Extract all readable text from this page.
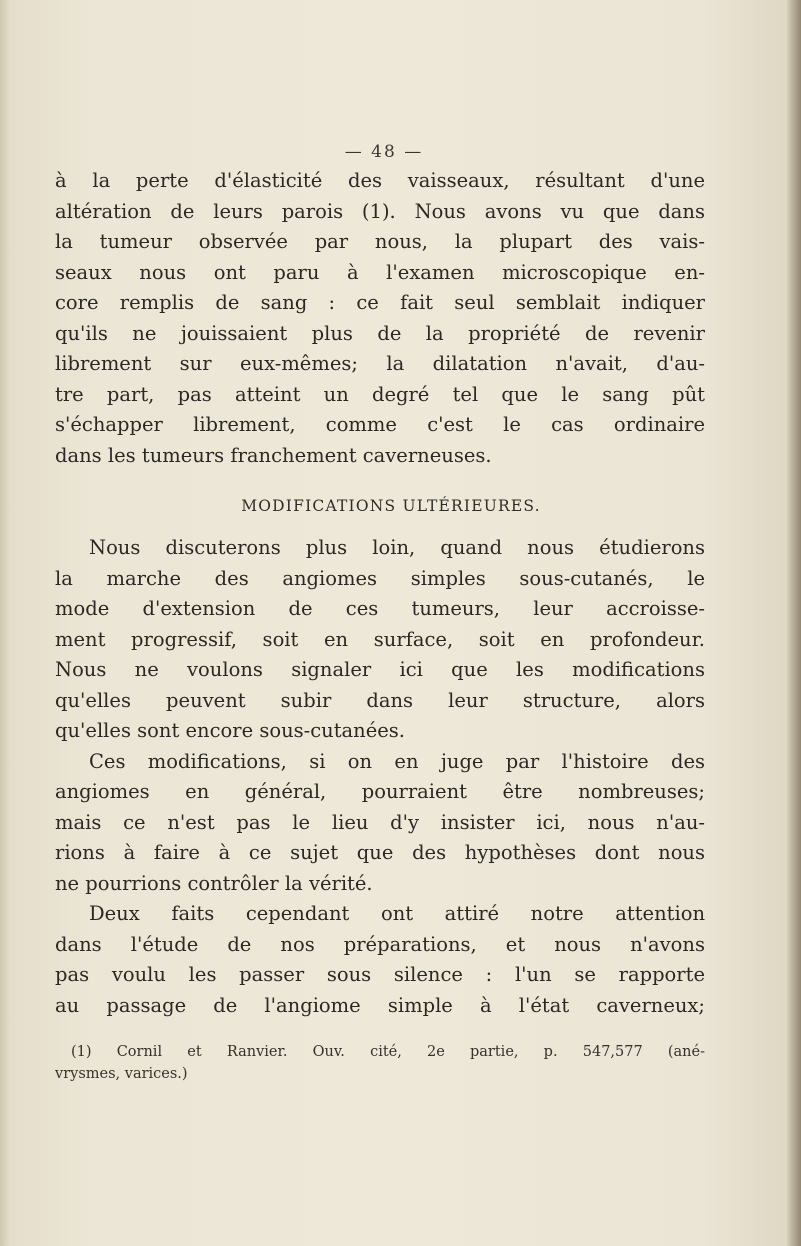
— 48 —

à la perte d'élasticité des vaisseaux, résultant d'une
altération de leurs parois (1). Nous avons vu que dans
la tumeur observée par nous, la plupart des vais-
seaux nous ont paru à l'examen microscopique en-
core remplis de sang : ce fait seul semblait indiquer
qu'ils ne jouissaient plus de la propriété de revenir
librement sur eux-mêmes; la dilatation n'avait, d'au-
tre part, pas atteint un degré tel que le sang pût
s'échapper librement, comme c'est le cas ordinaire
dans les tumeurs franchement caverneuses.

MODIFICATIONS ULTÉRIEURES.

Nous discuterons plus loin, quand nous étudierons
la marche des angiomes simples sous-cutanés, le
mode d'extension de ces tumeurs, leur accroisse-
ment progressif, soit en surface, soit en profondeur.
Nous ne voulons signaler ici que les modifications
qu'elles peuvent subir dans leur structure, alors
qu'elles sont encore sous-cutanées.

Ces modifications, si on en juge par l'histoire des
angiomes en général, pourraient être nombreuses;
mais ce n'est pas le lieu d'y insister ici, nous n'au-
rions à faire à ce sujet que des hypothèses dont nous
ne pourrions contrôler la vérité.

Deux faits cependant ont attiré notre attention
dans l'étude de nos préparations, et nous n'avons
pas voulu les passer sous silence : l'un se rapporte
au passage de l'angiome simple à l'état caverneux;

(1) Cornil et Ranvier. Ouv. cité, 2e partie, p. 547,577 (ané-
vrysmes, varices.)
